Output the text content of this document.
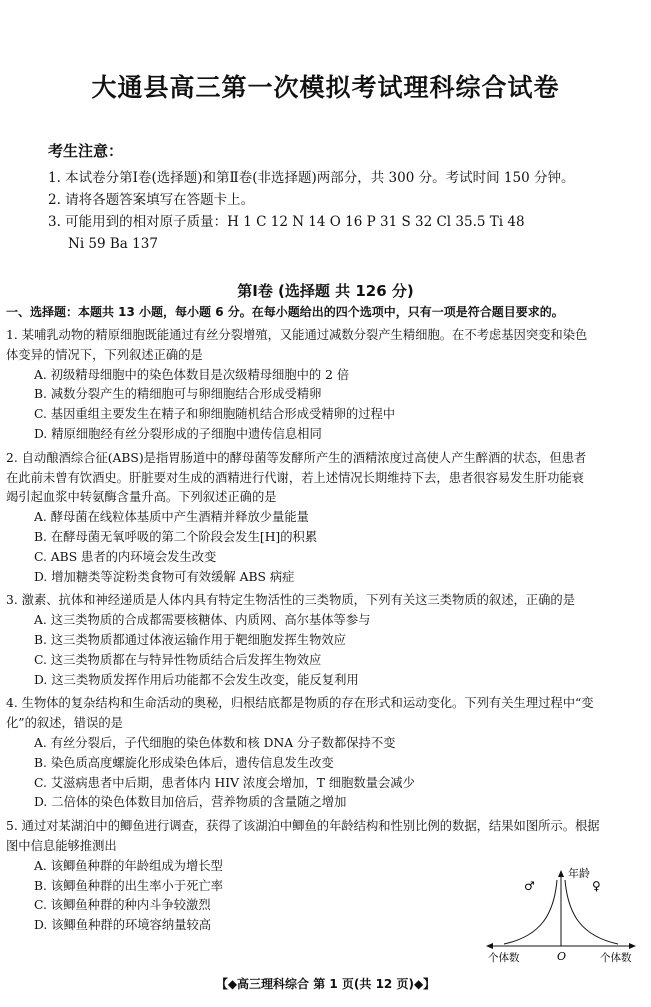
大通县高三第一次模拟考试理科综合试卷
考生注意：
1. 本试卷分第Ⅰ卷(选择题)和第Ⅱ卷(非选择题)两部分，共 300 分。考试时间 150 分钟。
2. 请将各题答案填写在答题卡上。
3. 可能用到的相对原子质量：H 1 C 12 N 14 O 16 P 31 S 32 Cl 35.5 Ti 48
Ni 59 Ba 137
第Ⅰ卷 (选择题 共 126 分)
一、选择题：本题共 13 小题，每小题 6 分。在每小题给出的四个选项中，只有一项是符合题目要求的。
1. 某哺乳动物的精原细胞既能通过有丝分裂增殖，又能通过减数分裂产生精细胞。在不考虑基因突变和染色
体变异的情况下，下列叙述正确的是
A. 初级精母细胞中的染色体数目是次级精母细胞中的 2 倍
B. 减数分裂产生的精细胞可与卵细胞结合形成受精卵
C. 基因重组主要发生在精子和卵细胞随机结合形成受精卵的过程中
D. 精原细胞经有丝分裂形成的子细胞中遗传信息相同
2. 自动酿酒综合征(ABS)是指胃肠道中的酵母菌等发酵所产生的酒精浓度过高使人产生醉酒的状态，但患者
在此前未曾有饮酒史。肝脏要对生成的酒精进行代谢，若上述情况长期维持下去，患者很容易发生肝功能衰
竭引起血浆中转氨酶含量升高。下列叙述正确的是
A. 酵母菌在线粒体基质中产生酒精并释放少量能量
B. 在酵母菌无氧呼吸的第二个阶段会发生[H]的积累
C. ABS 患者的内环境会发生改变
D. 增加糖类等淀粉类食物可有效缓解 ABS 病症
3. 激素、抗体和神经递质是人体内具有特定生物活性的三类物质，下列有关这三类物质的叙述，正确的是
A. 这三类物质的合成都需要核糖体、内质网、高尔基体等参与
B. 这三类物质都通过体液运输作用于靶细胞发挥生物效应
C. 这三类物质都在与特异性物质结合后发挥生物效应
D. 这三类物质发挥作用后功能都不会发生改变，能反复利用
4. 生物体的复杂结构和生命活动的奥秘，归根结底都是物质的存在形式和运动变化。下列有关生理过程中“变
化”的叙述，错误的是
A. 有丝分裂后，子代细胞的染色体数和核 DNA 分子数都保持不变
B. 染色质高度螺旋化形成染色体后，遗传信息发生改变
C. 艾滋病患者中后期，患者体内 HIV 浓度会增加，T 细胞数量会减少
D. 二倍体的染色体数目加倍后，营养物质的含量随之增加
5. 通过对某湖泊中的鲫鱼进行调查，获得了该湖泊中鲫鱼的年龄结构和性别比例的数据，结果如图所示。根据
图中信息能够推测出
A. 该鲫鱼种群的年龄组成为增长型
B. 该鲫鱼种群的出生率小于死亡率
C. 该鲫鱼种群的种内斗争较激烈
D. 该鲫鱼种群的环境容纳量较高
年龄
♂	♀
O
个体数	个体数
【◆高三理科综合 第 1 页(共 12 页)◆】
